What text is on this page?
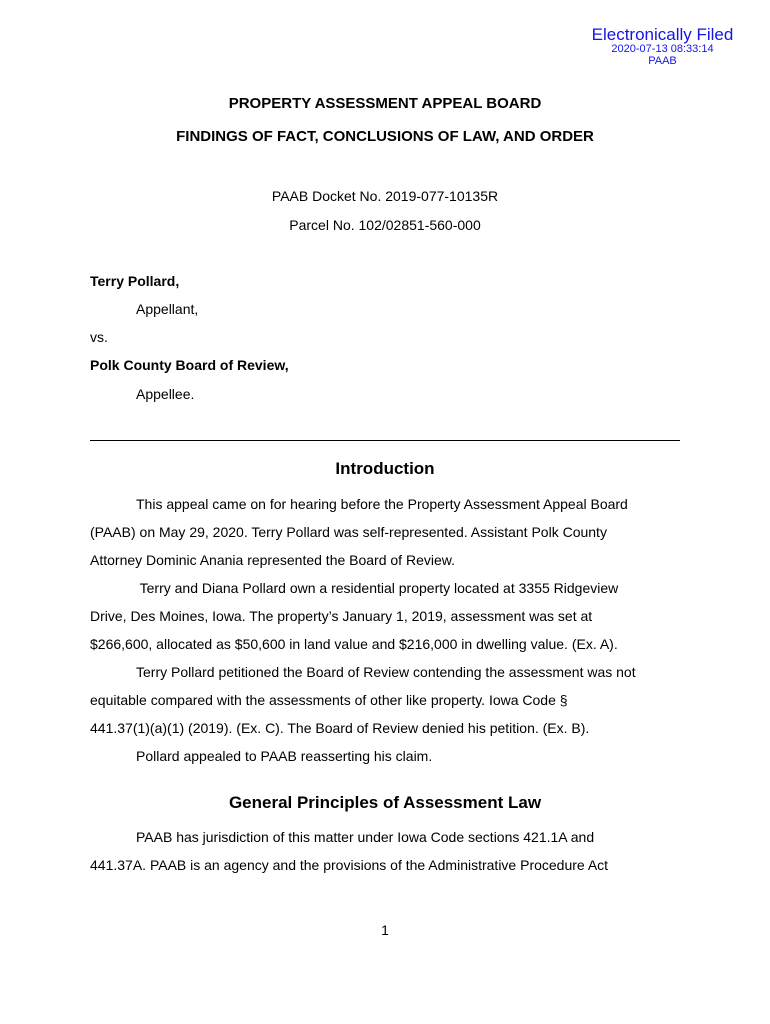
Electronically Filed
2020-07-13 08:33:14
PAAB
PROPERTY ASSESSMENT APPEAL BOARD
FINDINGS OF FACT, CONCLUSIONS OF LAW, AND ORDER
PAAB Docket No. 2019-077-10135R
Parcel No. 102/02851-560-000
Terry Pollard,
Appellant,
vs.
Polk County Board of Review,
Appellee.
Introduction
This appeal came on for hearing before the Property Assessment Appeal Board
(PAAB) on May 29, 2020. Terry Pollard was self-represented. Assistant Polk County
Attorney Dominic Anania represented the Board of Review.
Terry and Diana Pollard own a residential property located at 3355 Ridgeview
Drive, Des Moines, Iowa. The property’s January 1, 2019, assessment was set at
$266,600, allocated as $50,600 in land value and $216,000 in dwelling value. (Ex. A).
Terry Pollard petitioned the Board of Review contending the assessment was not
equitable compared with the assessments of other like property. Iowa Code §
441.37(1)(a)(1) (2019). (Ex. C). The Board of Review denied his petition. (Ex. B).
Pollard appealed to PAAB reasserting his claim.
General Principles of Assessment Law
PAAB has jurisdiction of this matter under Iowa Code sections 421.1A and
441.37A. PAAB is an agency and the provisions of the Administrative Procedure Act
1
